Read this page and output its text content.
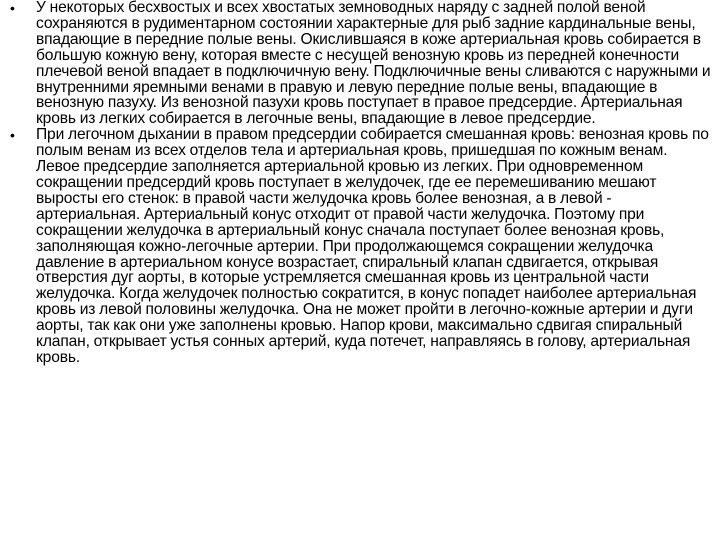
• У некоторых бесхвостых и всех хвостатых земноводных наряду с задней полой веной сохраняются в рудиментарном состоянии характерные для рыб задние кардинальные вены, впадающие в передние полые вены. Окислившаяся в коже артериальная кровь собирается в большую кожную вену, которая вместе с несущей венозную кровь из передней конечности плечевой веной впадает в подключичную вену. Подключичные вены сливаются с наружными и внутренними яремными венами в правую и левую передние полые вены, впадающие в венозную пазуху. Из венозной пазухи кровь поступает в правое предсердие. Артериальная кровь из легких собирается в легочные вены, впадающие в левое предсердие.

• При легочном дыхании в правом предсердии собирается смешанная кровь: венозная кровь по полым венам из всех отделов тела и артериальная кровь, пришедшая по кожным венам. Левое предсердие заполняется артериальной кровью из легких. При одновременном сокращении предсердий кровь поступает в желудочек, где ее перемешиванию мешают выросты его стенок: в правой части желудочка кровь более венозная, а в левой - артериальная. Артериальный конус отходит от правой части желудочка. Поэтому при сокращении желудочка в артериальный конус сначала поступает более венозная кровь, заполняющая кожно-легочные артерии. При продолжающемся сокращении желудочка давление в артериальном конусе возрастает, спиральный клапан сдвигается, открывая отверстия дуг аорты, в которые устремляется смешанная кровь из центральной части желудочка. Когда желудочек полностью сократится, в конус попадет наиболее артериальная кровь из левой половины желудочка. Она не может пройти в легочно-кожные артерии и дуги аорты, так как они уже заполнены кровью. Напор крови, максимально сдвигая спиральный клапан, открывает устья сонных артерий, куда потечет, направляясь в голову, артериальная кровь.
